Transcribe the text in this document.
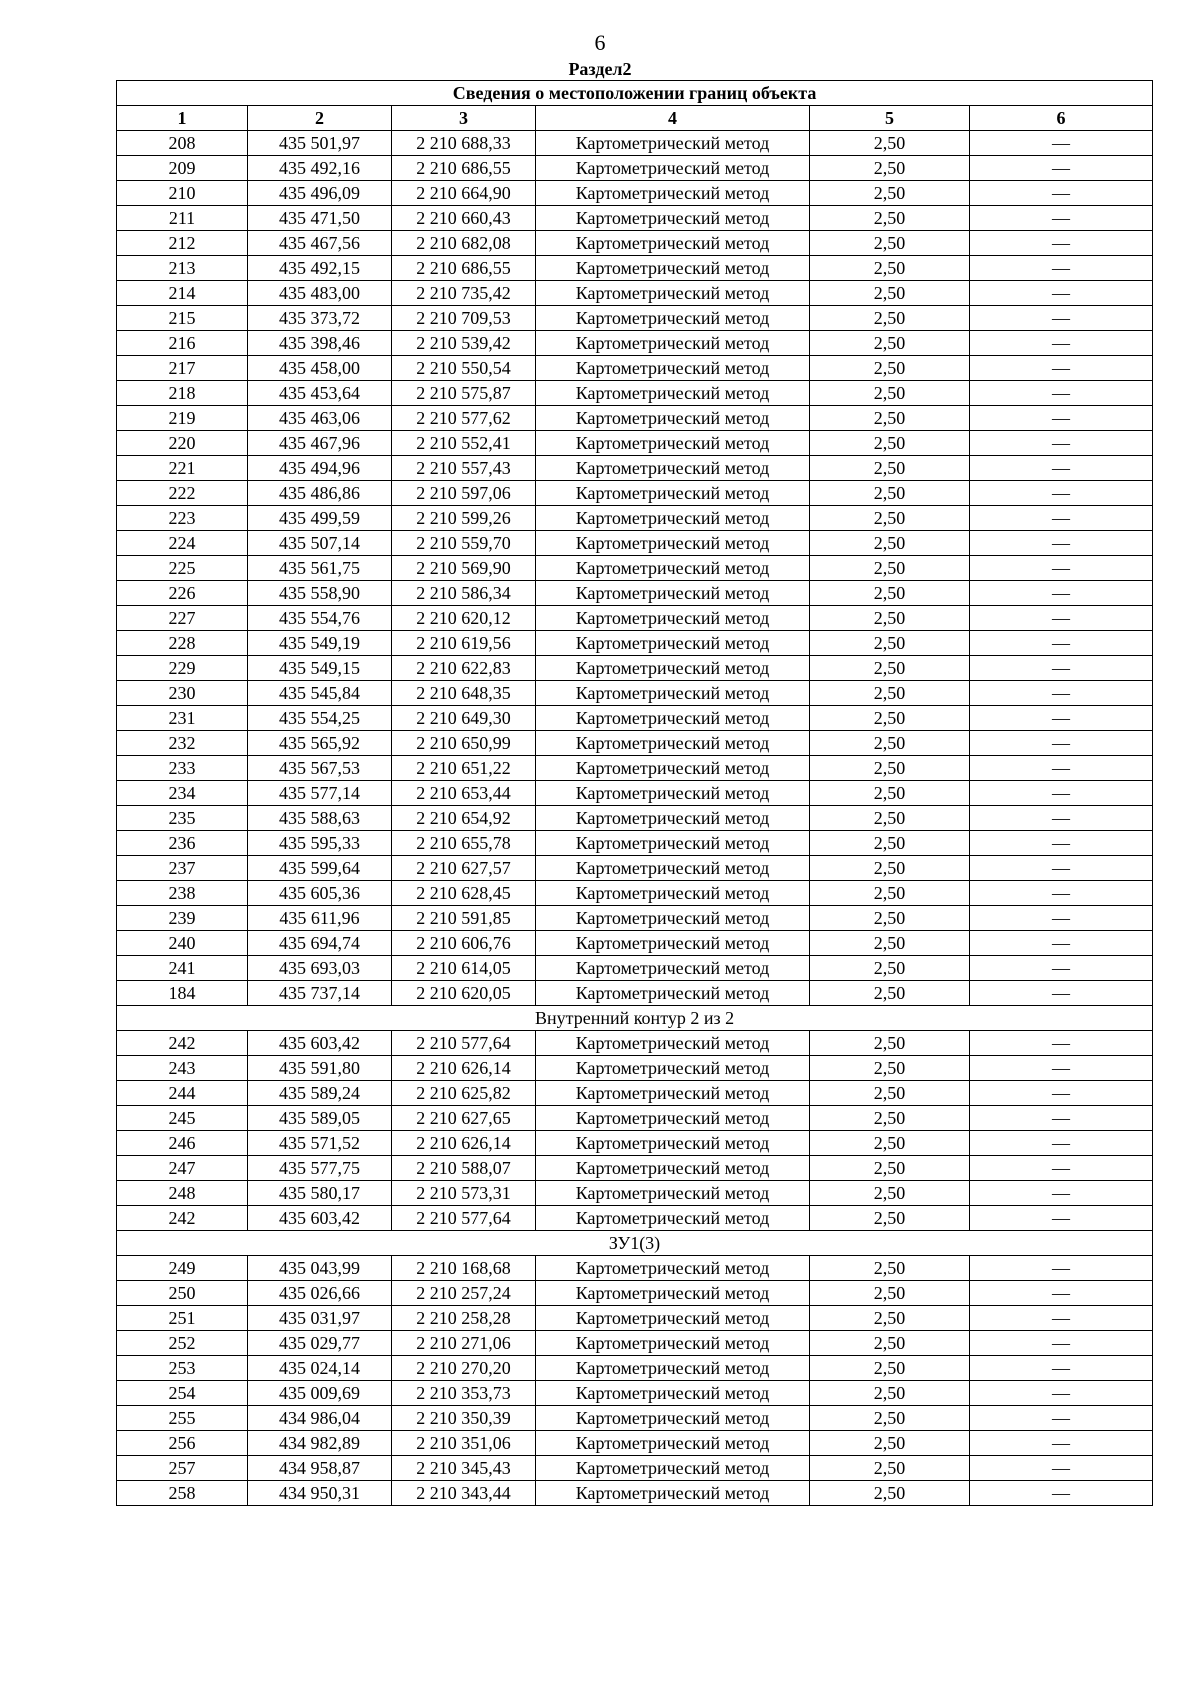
6
Раздел2
Сведения о местоположении границ объекта					
1	2	3	4	5	6
208	435 501,97	2 210 688,33	Картометрический метод	2,50	—
209	435 492,16	2 210 686,55	Картометрический метод	2,50	—
210	435 496,09	2 210 664,90	Картометрический метод	2,50	—
211	435 471,50	2 210 660,43	Картометрический метод	2,50	—
212	435 467,56	2 210 682,08	Картометрический метод	2,50	—
213	435 492,15	2 210 686,55	Картометрический метод	2,50	—
214	435 483,00	2 210 735,42	Картометрический метод	2,50	—
215	435 373,72	2 210 709,53	Картометрический метод	2,50	—
216	435 398,46	2 210 539,42	Картометрический метод	2,50	—
217	435 458,00	2 210 550,54	Картометрический метод	2,50	—
218	435 453,64	2 210 575,87	Картометрический метод	2,50	—
219	435 463,06	2 210 577,62	Картометрический метод	2,50	—
220	435 467,96	2 210 552,41	Картометрический метод	2,50	—
221	435 494,96	2 210 557,43	Картометрический метод	2,50	—
222	435 486,86	2 210 597,06	Картометрический метод	2,50	—
223	435 499,59	2 210 599,26	Картометрический метод	2,50	—
224	435 507,14	2 210 559,70	Картометрический метод	2,50	—
225	435 561,75	2 210 569,90	Картометрический метод	2,50	—
226	435 558,90	2 210 586,34	Картометрический метод	2,50	—
227	435 554,76	2 210 620,12	Картометрический метод	2,50	—
228	435 549,19	2 210 619,56	Картометрический метод	2,50	—
229	435 549,15	2 210 622,83	Картометрический метод	2,50	—
230	435 545,84	2 210 648,35	Картометрический метод	2,50	—
231	435 554,25	2 210 649,30	Картометрический метод	2,50	—
232	435 565,92	2 210 650,99	Картометрический метод	2,50	—
233	435 567,53	2 210 651,22	Картометрический метод	2,50	—
234	435 577,14	2 210 653,44	Картометрический метод	2,50	—
235	435 588,63	2 210 654,92	Картометрический метод	2,50	—
236	435 595,33	2 210 655,78	Картометрический метод	2,50	—
237	435 599,64	2 210 627,57	Картометрический метод	2,50	—
238	435 605,36	2 210 628,45	Картометрический метод	2,50	—
239	435 611,96	2 210 591,85	Картометрический метод	2,50	—
240	435 694,74	2 210 606,76	Картометрический метод	2,50	—
241	435 693,03	2 210 614,05	Картометрический метод	2,50	—
184	435 737,14	2 210 620,05	Картометрический метод	2,50	—
Внутренний контур 2 из 2					
242	435 603,42	2 210 577,64	Картометрический метод	2,50	—
243	435 591,80	2 210 626,14	Картометрический метод	2,50	—
244	435 589,24	2 210 625,82	Картометрический метод	2,50	—
245	435 589,05	2 210 627,65	Картометрический метод	2,50	—
246	435 571,52	2 210 626,14	Картометрический метод	2,50	—
247	435 577,75	2 210 588,07	Картометрический метод	2,50	—
248	435 580,17	2 210 573,31	Картометрический метод	2,50	—
242	435 603,42	2 210 577,64	Картометрический метод	2,50	—
ЗУ1(3)					
249	435 043,99	2 210 168,68	Картометрический метод	2,50	—
250	435 026,66	2 210 257,24	Картометрический метод	2,50	—
251	435 031,97	2 210 258,28	Картометрический метод	2,50	—
252	435 029,77	2 210 271,06	Картометрический метод	2,50	—
253	435 024,14	2 210 270,20	Картометрический метод	2,50	—
254	435 009,69	2 210 353,73	Картометрический метод	2,50	—
255	434 986,04	2 210 350,39	Картометрический метод	2,50	—
256	434 982,89	2 210 351,06	Картометрический метод	2,50	—
257	434 958,87	2 210 345,43	Картометрический метод	2,50	—
258	434 950,31	2 210 343,44	Картометрический метод	2,50	—
